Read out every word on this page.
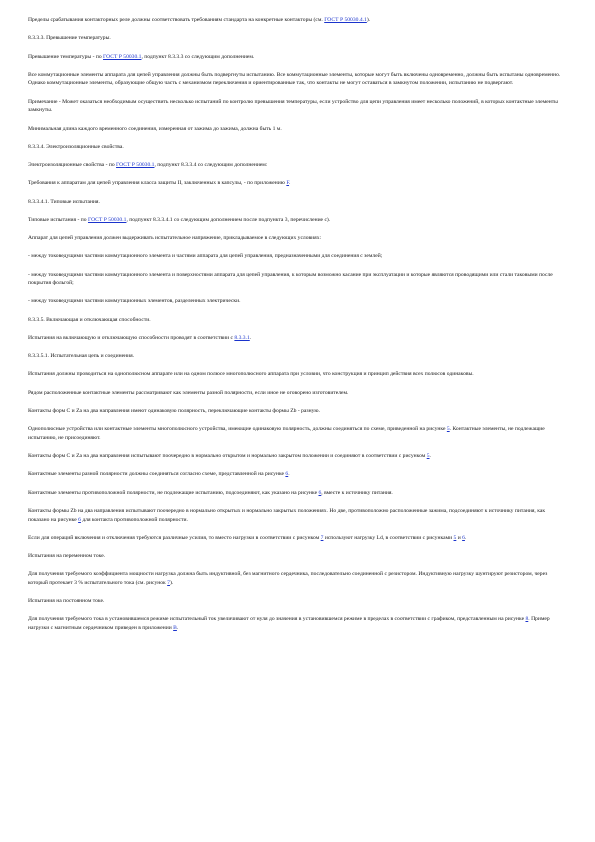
Пределы срабатывания контакторных реле должны соответствовать требованиям стандарта на конкретные контакторы (см. ГОСТ Р 50030.4.1).

8.3.3.3. Превышение температуры.

Превышение температуры - по ГОСТ Р 50030.1, подпункт 8.3.3.3 со следующим дополнением.

Все коммутационные элементы аппарата для цепей управления должны быть подвергнуты испытанию. Все коммутационные элементы, которые могут быть включены одновременно, должны быть испытаны одновременно. Однако коммутационные элементы, образующие общую часть с механизмом переключения и ориентированные так, что контакты не могут оставаться в замкнутом положении, испытанию не подвергают.

Примечание - Может оказаться необходимым осуществить несколько испытаний по контролю превышения температуры, если устройство для цепи управления имеет несколько положений, в которых контактные элементы замкнуты.

Минимальная длина каждого временного соединения, измеренная от зажима до зажима, должна быть 1 м.

8.3.3.4. Электроизоляционные свойства.

Электроизоляционные свойства - по ГОСТ Р 50030.1, подпункт 8.3.3.4 со следующим дополнением:

Требования к аппаратам для цепей управления класса защиты II, заключенных в капсулы, - по приложению F.

8.3.3.4.1. Типовые испытания.

Типовые испытания - по ГОСТ Р 50030.1, подпункт 8.3.3.4.1 со следующим дополнением после подпункта 3, перечисление c).

Аппарат для цепей управления должен выдерживать испытательное напряжение, прикладываемое в следующих условиях:

- между токоведущими частями коммутационного элемента и частями аппарата для цепей управления, предназначенными для соединения с землей;

- между токоведущими частями коммутационного элемента и поверхностями аппарата для цепей управления, к которым возможно касание при эксплуатации и которые являются проводящими или стали таковыми после покрытия фольгой;

- между токоведущими частями коммутационных элементов, разделенных электрически.

8.3.3.5. Включающая и отключающая способности.

Испытания на включающую и отключающую способности проводят в соответствии с 8.3.3.1.

8.3.3.5.1. Испытательная цепь и соединения.

Испытания должны проводиться на однополюсном аппарате или на одном полюсе многополюсного аппарата при условии, что конструкция и принцип действия всех полюсов одинаковы.

Рядом расположенные контактные элементы рассматривают как элементы разной полярности, если иное не оговорено изготовителем.

Контакты форм C и Za на два направления имеют одинаковую полярность, переключающие контакты формы Zb - разную.

Однополюсные устройства или контактные элементы многополюсного устройства, имеющие одинаковую полярность, должны соединяться по схеме, приведенной на рисунке 5. Контактные элементы, не подлежащие испытанию, не присоединяют.

Контакты форм C и Za на два направления испытывают поочередно в нормально открытом и нормально закрытом положении и соединяют в соответствии с рисунком 5.

Контактные элементы разной полярности должны соединяться согласно схеме, представленной на рисунке 6.

Контактные элементы противоположной полярности, не подлежащие испытанию, подсоединяют, как указано на рисунке 6, вместе к источнику питания.

Контакты формы Zb на два направления испытывают поочередно в нормально открытых и нормально закрытых положениях. Но две, противоположно расположенные зажима, подсоединяют к источнику питания, как показано на рисунке 6 для контакта противоположной полярности.

Если для операций включения и отключения требуются различные усилия, то вместо нагрузки в соответствии с рисунком 7 используют нагрузку Ld, в соответствии с рисунками 5 и 6.

Испытания на переменном токе.

Для получения требуемого коэффициента мощности нагрузка должна быть индуктивной, без магнитного сердечника, последовательно соединенной с резистором. Индуктивную нагрузку шунтируют резистором, через который протекает 3 % испытательного тока (см. рисунок 7).

Испытания на постоянном токе.

Для получения требуемого тока в установившемся режиме испытательный ток увеличивают от нуля до значения в установившемся режиме в пределах в соответствии с графиком, представленным на рисунке 8. Пример нагрузки с магнитным сердечником приведен в приложении B.
